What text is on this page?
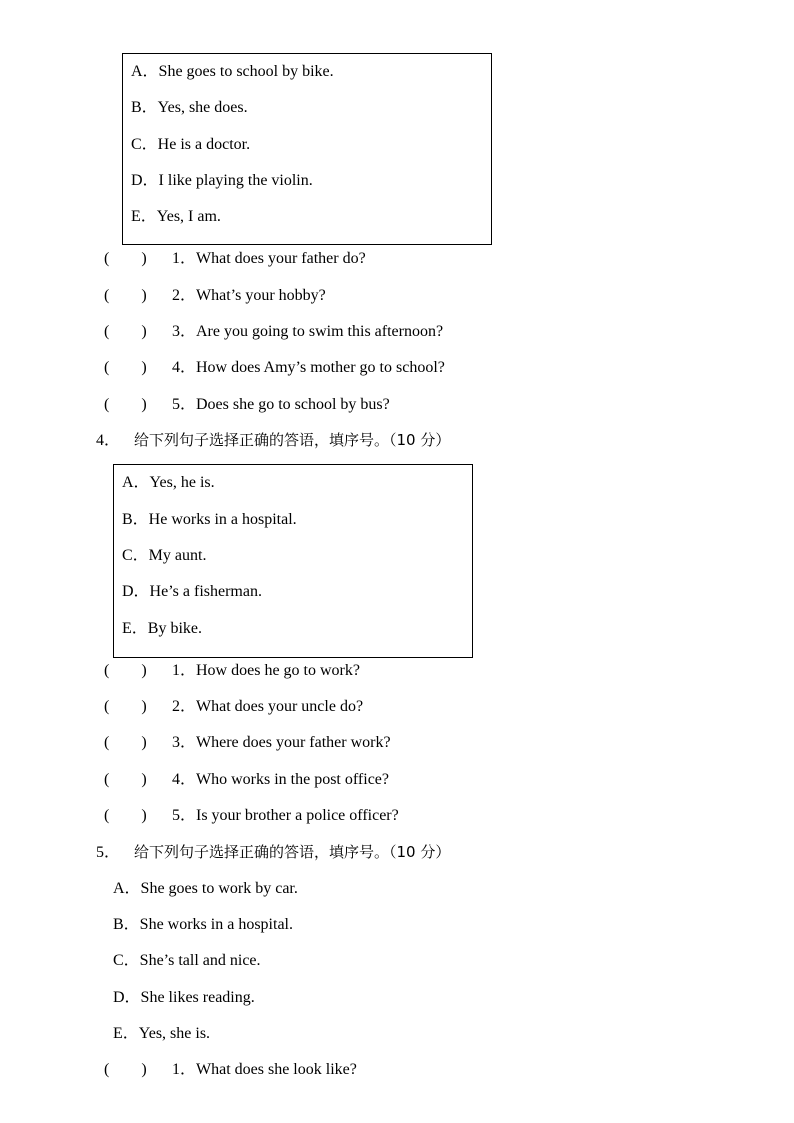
A．She goes to school by bike.
B．Yes, she does.
C．He is a doctor.
D．I like playing the violin.
E．Yes, I am.
(　　) 1．What does your father do?
(　　) 2．What’s your hobby?
(　　) 3．Are you going to swim this afternoon?
(　　) 4．How does Amy’s mother go to school?
(　　) 5．Does she go to school by bus?
4． 给下列句子选择正确的答语，填序号。（10 分）
A．Yes, he is.
B．He works in a hospital.
C．My aunt.
D．He’s a fisherman.
E．By bike.
(　　) 1．How does he go to work?
(　　) 2．What does your uncle do?
(　　) 3．Where does your father work?
(　　) 4．Who works in the post office?
(　　) 5．Is your brother a police officer?
5． 给下列句子选择正确的答语，填序号。（10 分）
A．She goes to work by car.
B．She works in a hospital.
C．She’s tall and nice.
D．She likes reading.
E．Yes, she is.
(　　) 1．What does she look like?
